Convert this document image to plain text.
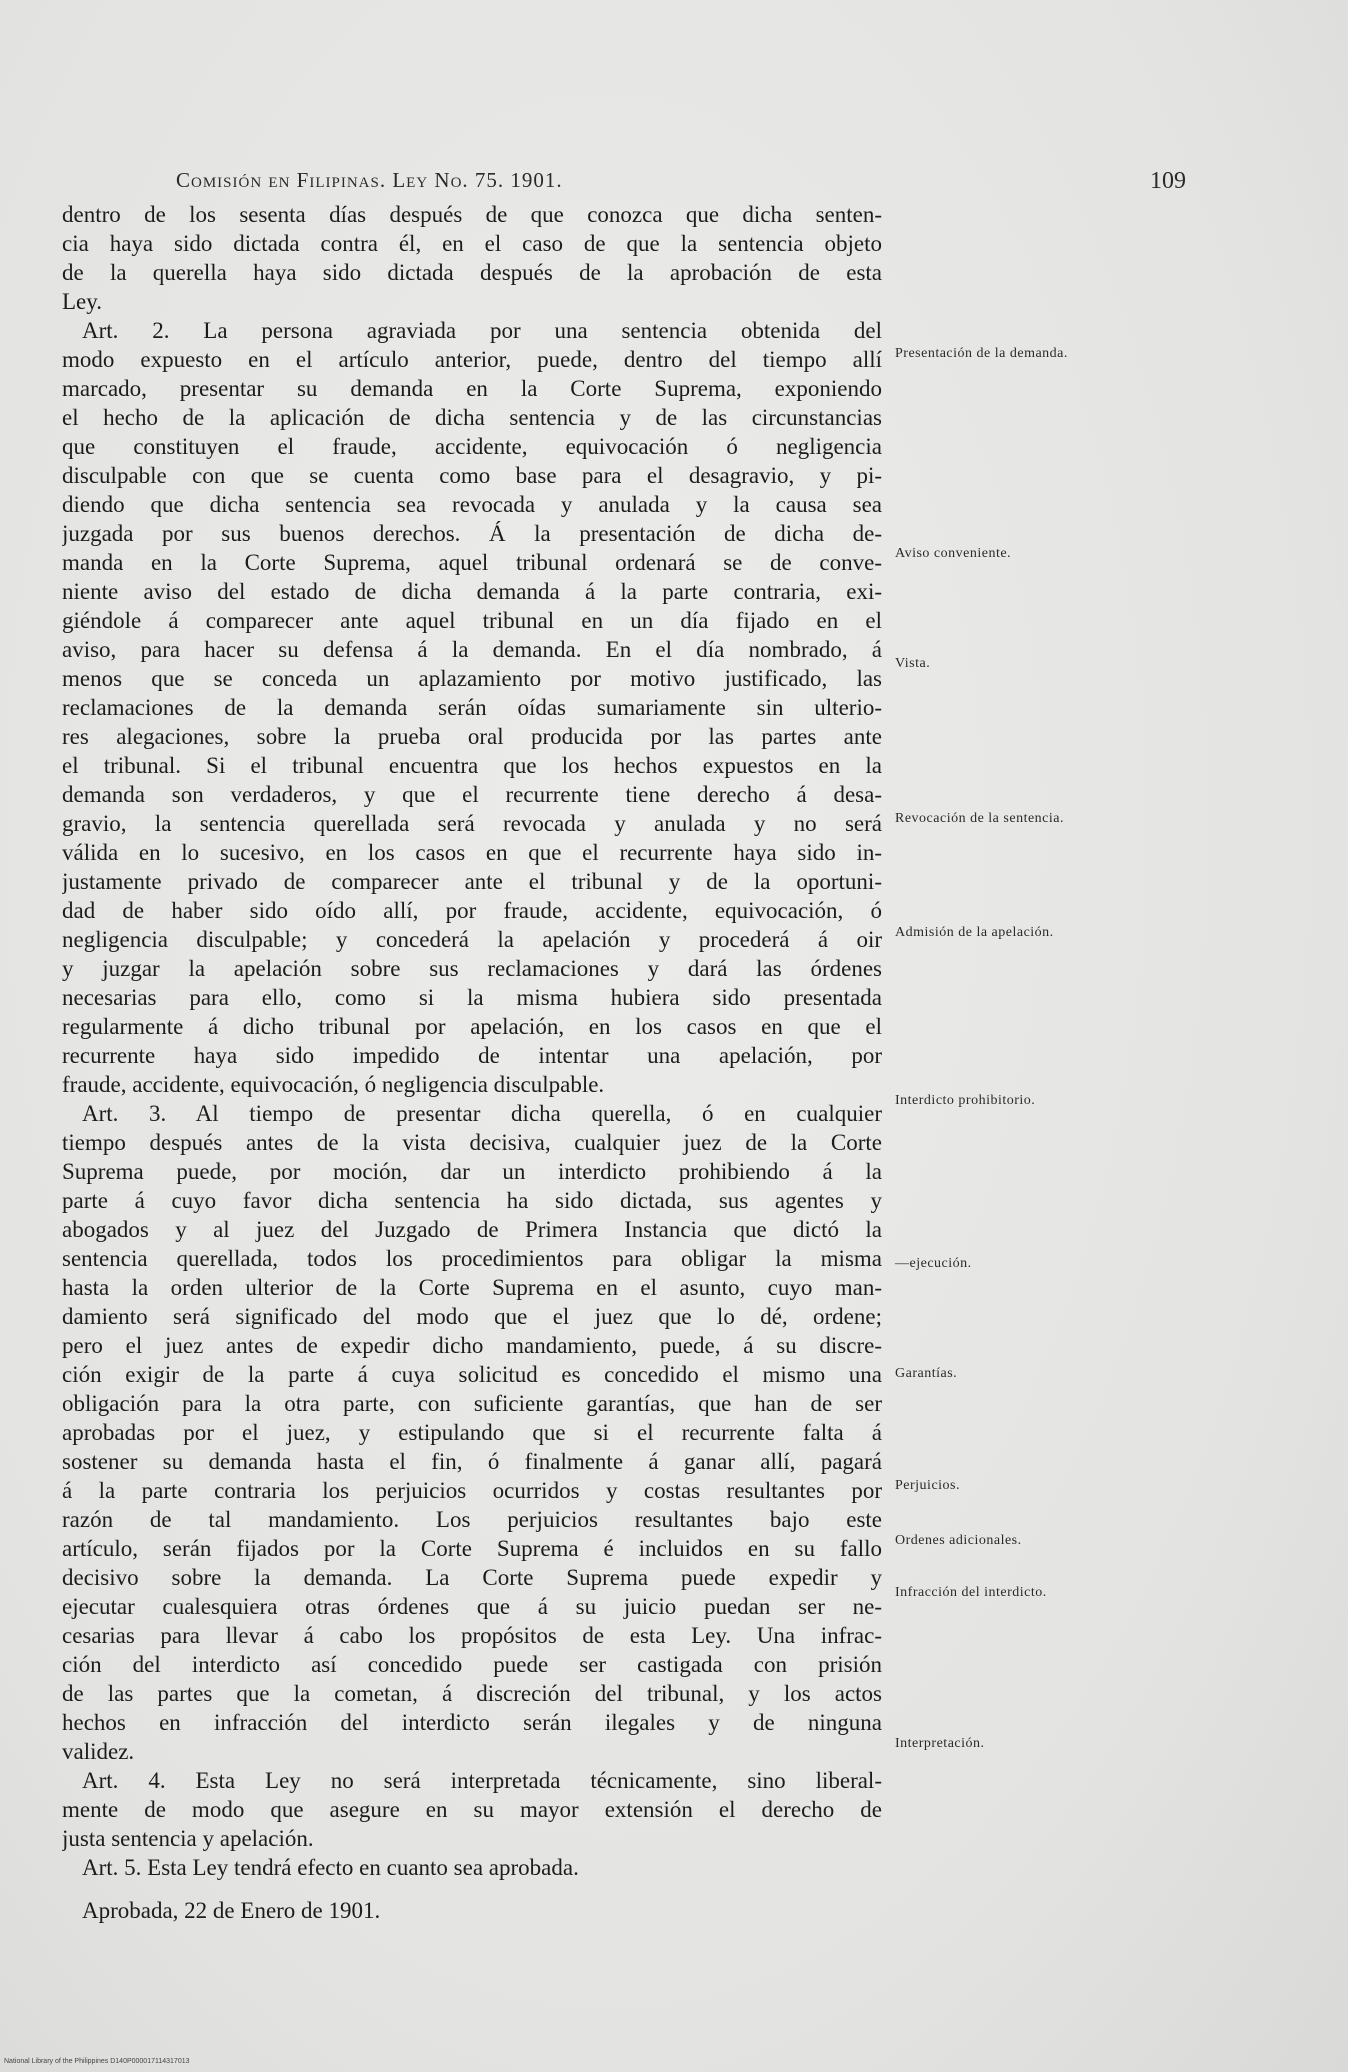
Comisión en Filipinas. Ley No. 75. 1901.	109
dentro de los sesenta días después de que conozca que dicha senten-
cia haya sido dictada contra él, en el caso de que la sentencia objeto
de la querella haya sido dictada después de la aprobación de esta
Ley.
Art. 2. La persona agraviada por una sentencia obtenida del
modo expuesto en el artículo anterior, puede, dentro del tiempo allí
marcado, presentar su demanda en la Corte Suprema, exponiendo
el hecho de la aplicación de dicha sentencia y de las circunstancias
que constituyen el fraude, accidente, equivocación ó negligencia
disculpable con que se cuenta como base para el desagravio, y pi-
diendo que dicha sentencia sea revocada y anulada y la causa sea
juzgada por sus buenos derechos. Á la presentación de dicha de-
manda en la Corte Suprema, aquel tribunal ordenará se de conve-
niente aviso del estado de dicha demanda á la parte contraria, exi-
giéndole á comparecer ante aquel tribunal en un día fijado en el
aviso, para hacer su defensa á la demanda. En el día nombrado, á
menos que se conceda un aplazamiento por motivo justificado, las
reclamaciones de la demanda serán oídas sumariamente sin ulterio-
res alegaciones, sobre la prueba oral producida por las partes ante
el tribunal. Si el tribunal encuentra que los hechos expuestos en la
demanda son verdaderos, y que el recurrente tiene derecho á desa-
gravio, la sentencia querellada será revocada y anulada y no será
válida en lo sucesivo, en los casos en que el recurrente haya sido in-
justamente privado de comparecer ante el tribunal y de la oportuni-
dad de haber sido oído allí, por fraude, accidente, equivocación, ó
negligencia disculpable; y concederá la apelación y procederá á oir
y juzgar la apelación sobre sus reclamaciones y dará las órdenes
necesarias para ello, como si la misma hubiera sido presentada
regularmente á dicho tribunal por apelación, en los casos en que el
recurrente haya sido impedido de intentar una apelación, por
fraude, accidente, equivocación, ó negligencia disculpable.
Art. 3. Al tiempo de presentar dicha querella, ó en cualquier
tiempo después antes de la vista decisiva, cualquier juez de la Corte
Suprema puede, por moción, dar un interdicto prohibiendo á la
parte á cuyo favor dicha sentencia ha sido dictada, sus agentes y
abogados y al juez del Juzgado de Primera Instancia que dictó la
sentencia querellada, todos los procedimientos para obligar la misma
hasta la orden ulterior de la Corte Suprema en el asunto, cuyo man-
damiento será significado del modo que el juez que lo dé, ordene;
pero el juez antes de expedir dicho mandamiento, puede, á su discre-
ción exigir de la parte á cuya solicitud es concedido el mismo una
obligación para la otra parte, con suficiente garantías, que han de ser
aprobadas por el juez, y estipulando que si el recurrente falta á
sostener su demanda hasta el fin, ó finalmente á ganar allí, pagará
á la parte contraria los perjuicios ocurridos y costas resultantes por
razón de tal mandamiento. Los perjuicios resultantes bajo este
artículo, serán fijados por la Corte Suprema é incluidos en su fallo
decisivo sobre la demanda. La Corte Suprema puede expedir y
ejecutar cualesquiera otras órdenes que á su juicio puedan ser ne-
cesarias para llevar á cabo los propósitos de esta Ley. Una infrac-
ción del interdicto así concedido puede ser castigada con prisión
de las partes que la cometan, á discreción del tribunal, y los actos
hechos en infracción del interdicto serán ilegales y de ninguna
validez.
Art. 4. Esta Ley no será interpretada técnicamente, sino liberal-
mente de modo que asegure en su mayor extensión el derecho de
justa sentencia y apelación.
Art. 5. Esta Ley tendrá efecto en cuanto sea aprobada.
Aprobada, 22 de Enero de 1901.
Presentación de la demanda.
Aviso conveniente.
Vista.
Revocación de la sentencia.
Admisión de la apelación.
Interdicto prohibitorio.
—ejecución.
Garantías.
Perjuicios.
Ordenes adicionales.
Infracción del interdicto.
Interpretación.
National Library of the Philippines D140P000017114317013
